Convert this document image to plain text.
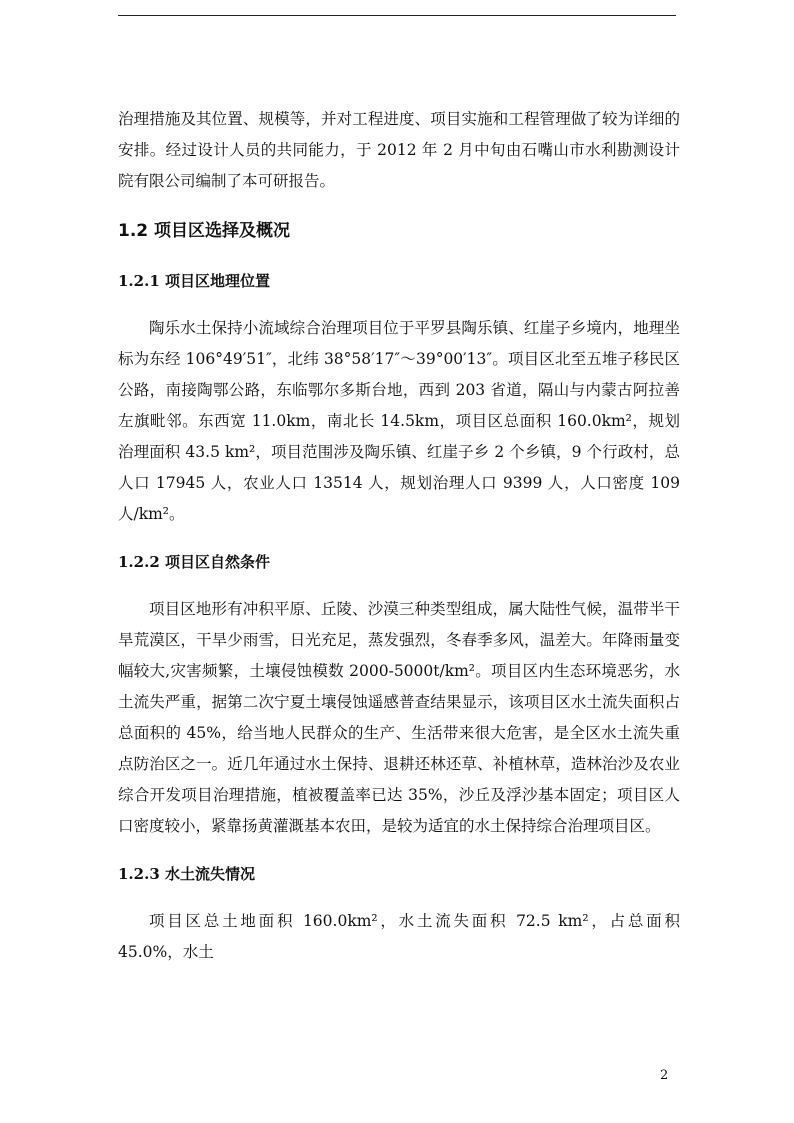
治理措施及其位置、规模等，并对工程进度、项目实施和工程管理做了较为详细的安排。经过设计人员的共同能力，于 2012 年 2 月中旬由石嘴山市水利勘测设计院有限公司编制了本可研报告。

1.2 项目区选择及概况
1.2.1 项目区地理位置

陶乐水土保持小流域综合治理项目位于平罗县陶乐镇、红崖子乡境内，地理坐标为东经 106°49′51″，北纬 38°58′17″～39°00′13″。项目区北至五堆子移民区公路，南接陶鄂公路，东临鄂尔多斯台地，西到 203 省道，隔山与内蒙古阿拉善左旗毗邻。东西宽 11.0km，南北长 14.5km，项目区总面积 160.0km²，规划治理面积 43.5 km²，项目范围涉及陶乐镇、红崖子乡 2 个乡镇，9 个行政村，总人口 17945 人，农业人口 13514 人，规划治理人口 9399 人，人口密度 109 人/km²。

1.2.2 项目区自然条件

项目区地形有冲积平原、丘陵、沙漠三种类型组成，属大陆性气候，温带半干旱荒漠区，干旱少雨雪，日光充足，蒸发强烈，冬春季多风，温差大。年降雨量变幅较大,灾害频繁，土壤侵蚀模数 2000-5000t/km²。项目区内生态环境恶劣，水土流失严重，据第二次宁夏土壤侵蚀遥感普查结果显示，该项目区水土流失面积占总面积的 45%，给当地人民群众的生产、生活带来很大危害，是全区水土流失重点防治区之一。近几年通过水土保持、退耕还林还草、补植林草，造林治沙及农业综合开发项目治理措施，植被覆盖率已达 35%，沙丘及浮沙基本固定；项目区人口密度较小，紧靠扬黄灌溉基本农田，是较为适宜的水土保持综合治理项目区。

1.2.3 水土流失情况

项目区总土地面积 160.0km²，水土流失面积 72.5 km²，占总面积 45.0%，水土

2
